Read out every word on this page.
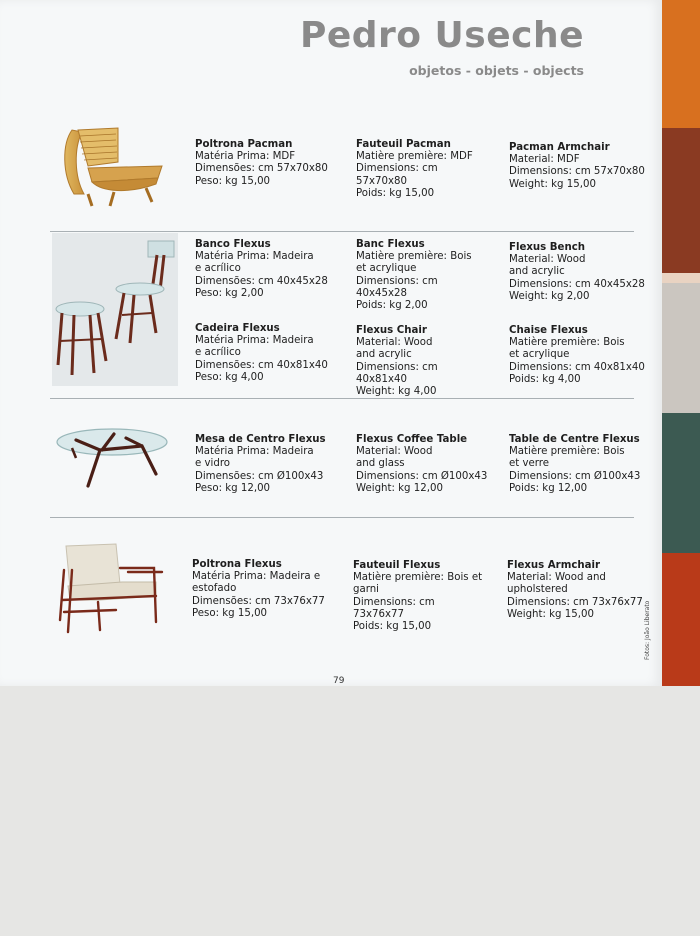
Pedro Useche

objetos - objets - objects

Poltrona Pacman
Matéria Prima: MDF
Dimensões: cm 57x70x80
Peso: kg 15,00
Fauteuil Pacman
Matière première: MDF
Dimensions: cm 57x70x80
Poids: kg 15,00
Pacman Armchair
Material: MDF
Dimensions: cm 57x70x80
Weight: kg 15,00
Banco Flexus
Matéria Prima: Madeira
e acrílico
Dimensões: cm 40x45x28
Peso: kg 2,00
Banc Flexus
Matière première: Bois
et acrylique
Dimensions: cm 40x45x28
Poids: kg 2,00
Flexus Bench
Material: Wood
and acrylic
Dimensions: cm 40x45x28
Weight: kg 2,00
Cadeira Flexus
Matéria Prima: Madeira
e acrílico
Dimensões: cm 40x81x40
Peso: kg 4,00
Flexus Chair
Material: Wood
and acrylic
Dimensions: cm 40x81x40
Weight: kg 4,00
Chaise Flexus
Matière première: Bois
et acrylique
Dimensions: cm 40x81x40
Poids: kg 4,00
Mesa de Centro Flexus
Matéria Prima: Madeira
e vidro
Dimensões: cm Ø100x43
Peso: kg 12,00
Flexus Coffee Table
Material: Wood
and glass
Dimensions: cm Ø100x43
Weight: kg 12,00
Table de Centre Flexus
Matière première: Bois
et verre
Dimensions: cm Ø100x43
Poids: kg 12,00
Poltrona Flexus
Matéria Prima: Madeira e
estofado
Dimensões: cm 73x76x77
Peso: kg 15,00
Fauteuil Flexus
Matière première: Bois et
garni
Dimensions: cm 73x76x77
Poids: kg 15,00
Flexus Armchair
Material: Wood and
upholstered
Dimensions: cm 73x76x77
Weight: kg 15,00	Fotos: João Liberato
79
